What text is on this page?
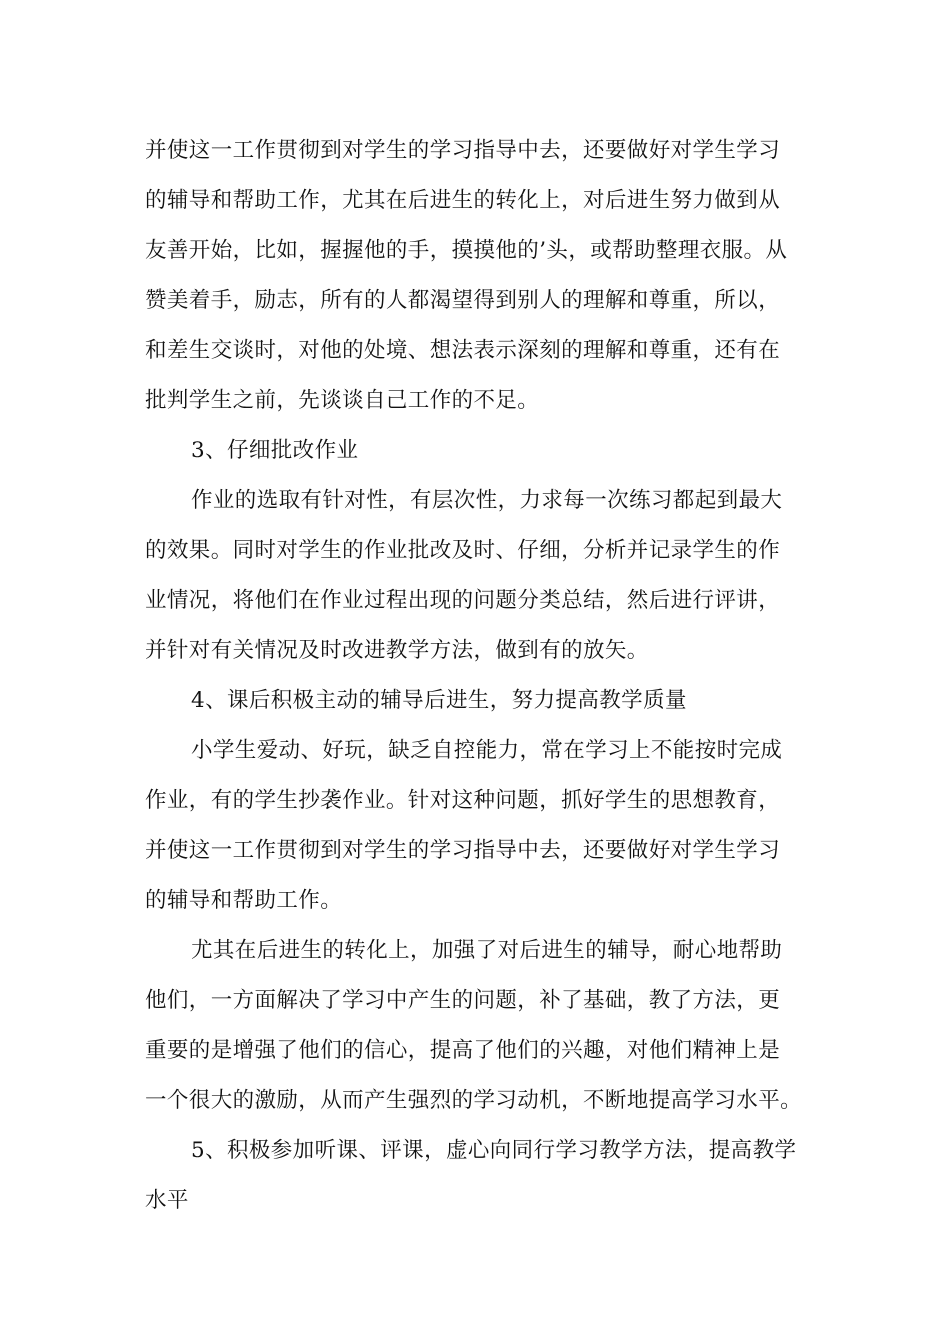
并使这一工作贯彻到对学生的学习指导中去，还要做好对学生学习
的辅导和帮助工作，尤其在后进生的转化上，对后进生努力做到从
友善开始，比如，握握他的手，摸摸他的’头，或帮助整理衣服。从
赞美着手，励志，所有的人都渴望得到别人的理解和尊重，所以，
和差生交谈时，对他的处境、想法表示深刻的理解和尊重，还有在
批判学生之前，先谈谈自己工作的不足。
3、仔细批改作业
作业的选取有针对性，有层次性，力求每一次练习都起到最大
的效果。同时对学生的作业批改及时、仔细，分析并记录学生的作
业情况，将他们在作业过程出现的问题分类总结，然后进行评讲，
并针对有关情况及时改进教学方法，做到有的放矢。
4、课后积极主动的辅导后进生，努力提高教学质量
小学生爱动、好玩，缺乏自控能力，常在学习上不能按时完成
作业，有的学生抄袭作业。针对这种问题，抓好学生的思想教育，
并使这一工作贯彻到对学生的学习指导中去，还要做好对学生学习
的辅导和帮助工作。
尤其在后进生的转化上，加强了对后进生的辅导，耐心地帮助
他们，一方面解决了学习中产生的问题，补了基础，教了方法，更
重要的是增强了他们的信心，提高了他们的兴趣，对他们精神上是
一个很大的激励，从而产生强烈的学习动机，不断地提高学习水平。
5、积极参加听课、评课，虚心向同行学习教学方法，提高教学
水平
